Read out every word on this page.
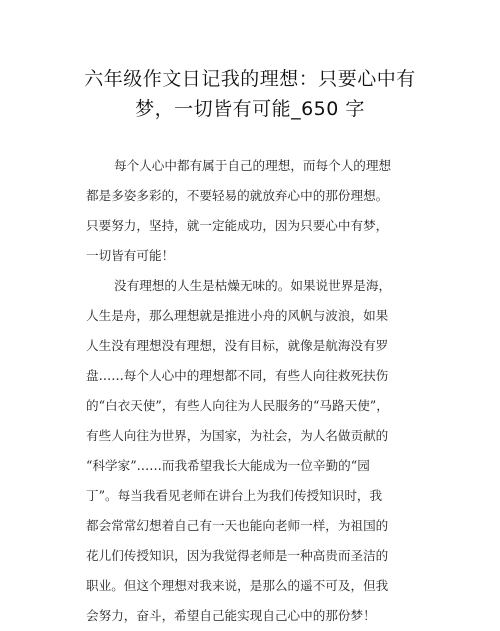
六年级作文日记我的理想：只要心中有
梦，一切皆有可能_650 字
每个人心中都有属于自己的理想，而每个人的理想
都是多姿多彩的，不要轻易的就放弃心中的那份理想。
只要努力，坚持，就一定能成功，因为只要心中有梦，
一切皆有可能！
没有理想的人生是枯燥无味的。如果说世界是海，
人生是舟，那么理想就是推进小舟的风帆与波浪，如果
人生没有理想没有理想，没有目标，就像是航海没有罗
盘……每个人心中的理想都不同，有些人向往救死扶伤
的“白衣天使”，有些人向往为人民服务的“马路天使”，
有些人向往为世界，为国家，为社会，为人名做贡献的
“科学家”……而我希望我长大能成为一位辛勤的“园
丁”。每当我看见老师在讲台上为我们传授知识时，我
都会常常幻想着自己有一天也能向老师一样，为祖国的
花儿们传授知识，因为我觉得老师是一种高贵而圣洁的
职业。但这个理想对我来说，是那么的遥不可及，但我
会努力，奋斗，希望自己能实现自己心中的那份梦！
